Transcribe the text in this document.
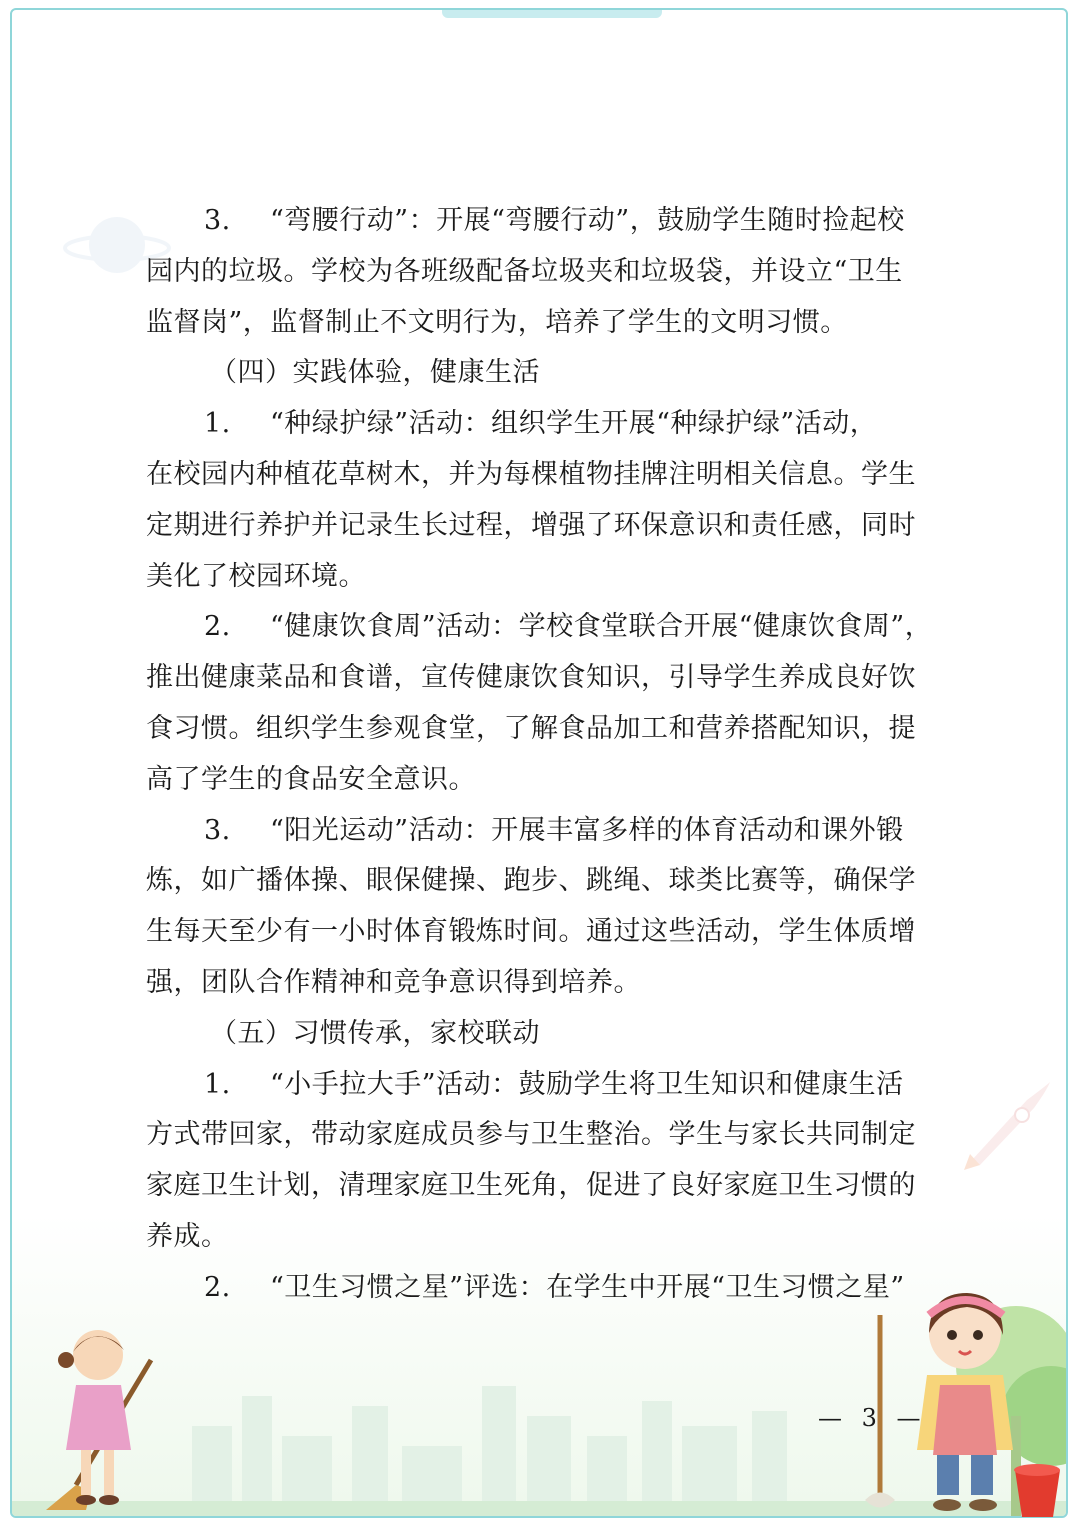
3. “弯腰行动”：开展“弯腰行动”，鼓励学生随时捡起校
园内的垃圾。学校为各班级配备垃圾夹和垃圾袋，并设立“卫生
监督岗”，监督制止不文明行为，培养了学生的文明习惯。
（四）实践体验，健康生活
1. “种绿护绿”活动：组织学生开展“种绿护绿”活动，
在校园内种植花草树木，并为每棵植物挂牌注明相关信息。学生
定期进行养护并记录生长过程，增强了环保意识和责任感，同时
美化了校园环境。
2. “健康饮食周”活动：学校食堂联合开展“健康饮食周”，
推出健康菜品和食谱，宣传健康饮食知识，引导学生养成良好饮
食习惯。组织学生参观食堂，了解食品加工和营养搭配知识，提
高了学生的食品安全意识。
3. “阳光运动”活动：开展丰富多样的体育活动和课外锻
炼，如广播体操、眼保健操、跑步、跳绳、球类比赛等，确保学
生每天至少有一小时体育锻炼时间。通过这些活动，学生体质增
强，团队合作精神和竞争意识得到培养。
（五）习惯传承，家校联动
1. “小手拉大手”活动：鼓励学生将卫生知识和健康生活
方式带回家，带动家庭成员参与卫生整治。学生与家长共同制定
家庭卫生计划，清理家庭卫生死角，促进了良好家庭卫生习惯的
养成。
2. “卫生习惯之星”评选：在学生中开展“卫生习惯之星”
— 3 —
